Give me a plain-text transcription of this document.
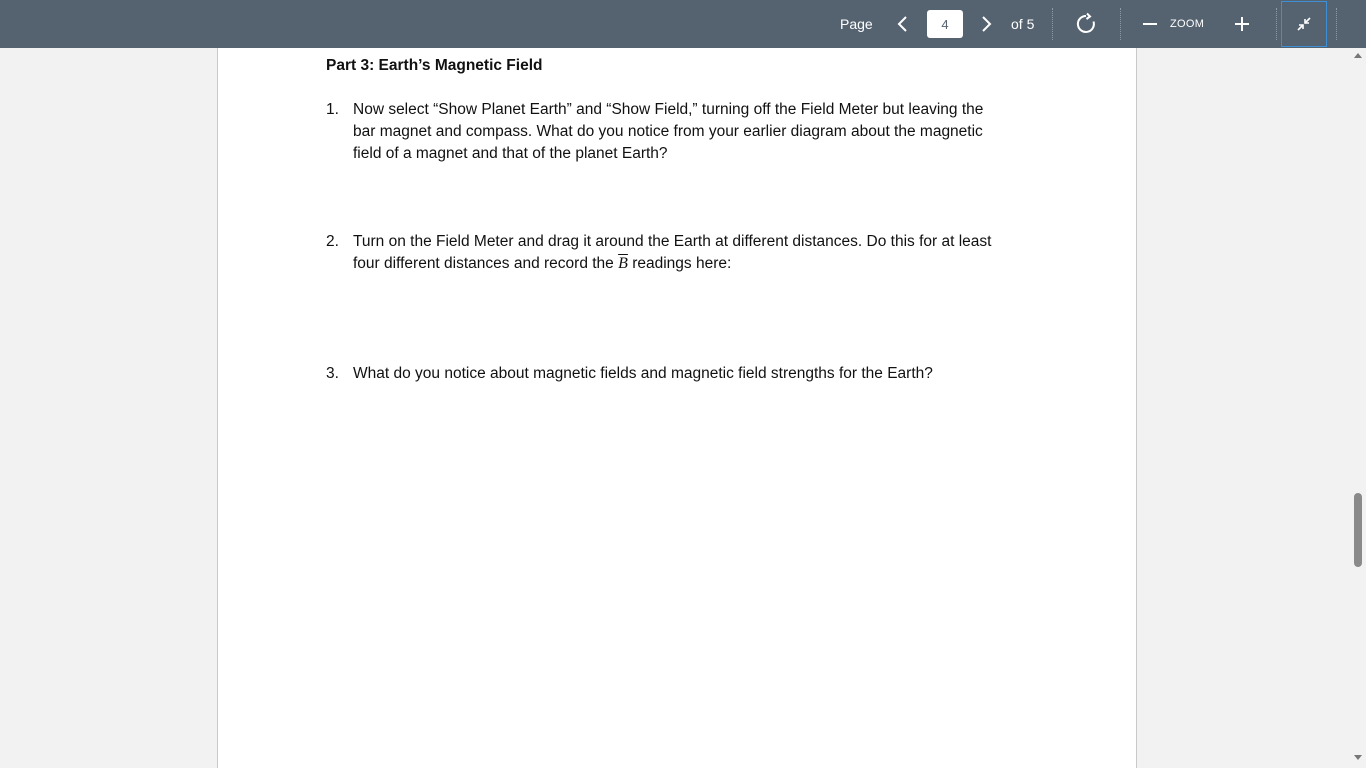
Page
4	of 5	ZOOM
Part 3: Earth’s Magnetic Field
1. Now select “Show Planet Earth” and “Show Field,” turning off the Field Meter but leaving the bar magnet and compass. What do you notice from your earlier diagram about the magnetic field of a magnet and that of the planet Earth?
2. Turn on the Field Meter and drag it around the Earth at different distances. Do this for at least four different distances and record the $\overline{B}$ readings here:
3. What do you notice about magnetic fields and magnetic field strengths for the Earth?
